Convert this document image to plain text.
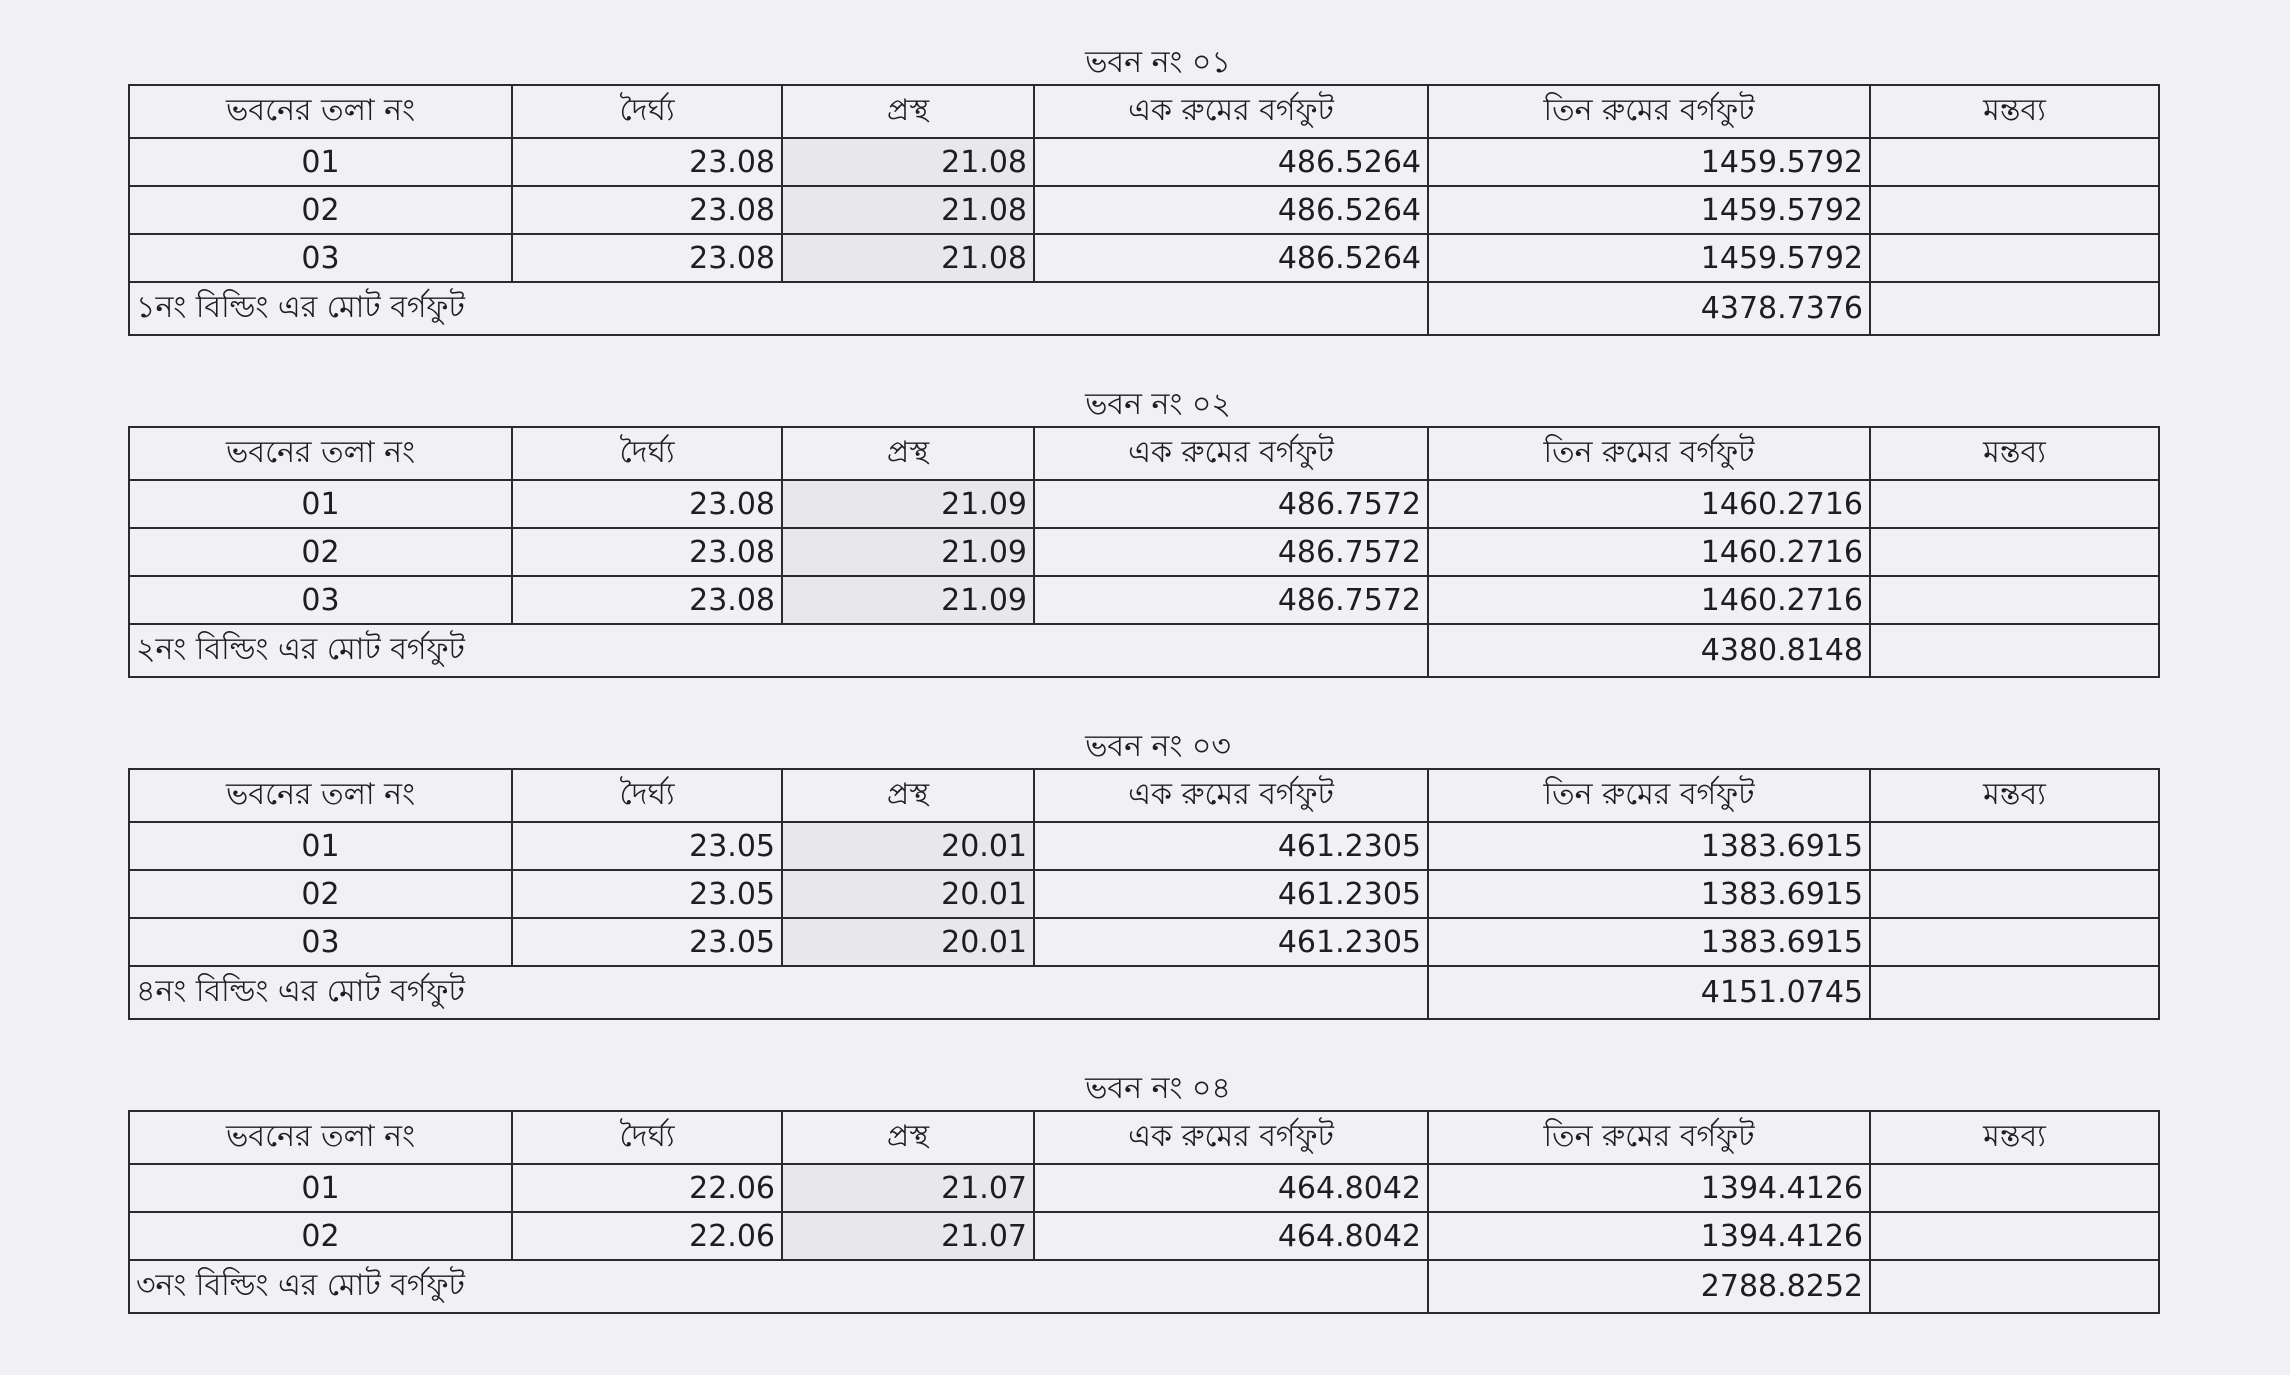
ভবন নং ০১
ভবনের তলা নং	দৈর্ঘ্য	প্রস্থ	এক রুমের বর্গফুট	তিন রুমের বর্গফুট	মন্তব্য
01	23.08	21.08	486.5264	1459.5792	
02	23.08	21.08	486.5264	1459.5792	
03	23.08	21.08	486.5264	1459.5792	
১নং বিল্ডিং এর মোট বর্গফুট				4378.7376	
ভবন নং ০২
ভবনের তলা নং	দৈর্ঘ্য	প্রস্থ	এক রুমের বর্গফুট	তিন রুমের বর্গফুট	মন্তব্য
01	23.08	21.09	486.7572	1460.2716	
02	23.08	21.09	486.7572	1460.2716	
03	23.08	21.09	486.7572	1460.2716	
২নং বিল্ডিং এর মোট বর্গফুট				4380.8148	
ভবন নং ০৩
ভবনের তলা নং	দৈর্ঘ্য	প্রস্থ	এক রুমের বর্গফুট	তিন রুমের বর্গফুট	মন্তব্য
01	23.05	20.01	461.2305	1383.6915	
02	23.05	20.01	461.2305	1383.6915	
03	23.05	20.01	461.2305	1383.6915	
৪নং বিল্ডিং এর মোট বর্গফুট				4151.0745	
ভবন নং ০৪
ভবনের তলা নং	দৈর্ঘ্য	প্রস্থ	এক রুমের বর্গফুট	তিন রুমের বর্গফুট	মন্তব্য
01	22.06	21.07	464.8042	1394.4126	
02	22.06	21.07	464.8042	1394.4126	
৩নং বিল্ডিং এর মোট বর্গফুট				2788.8252	
